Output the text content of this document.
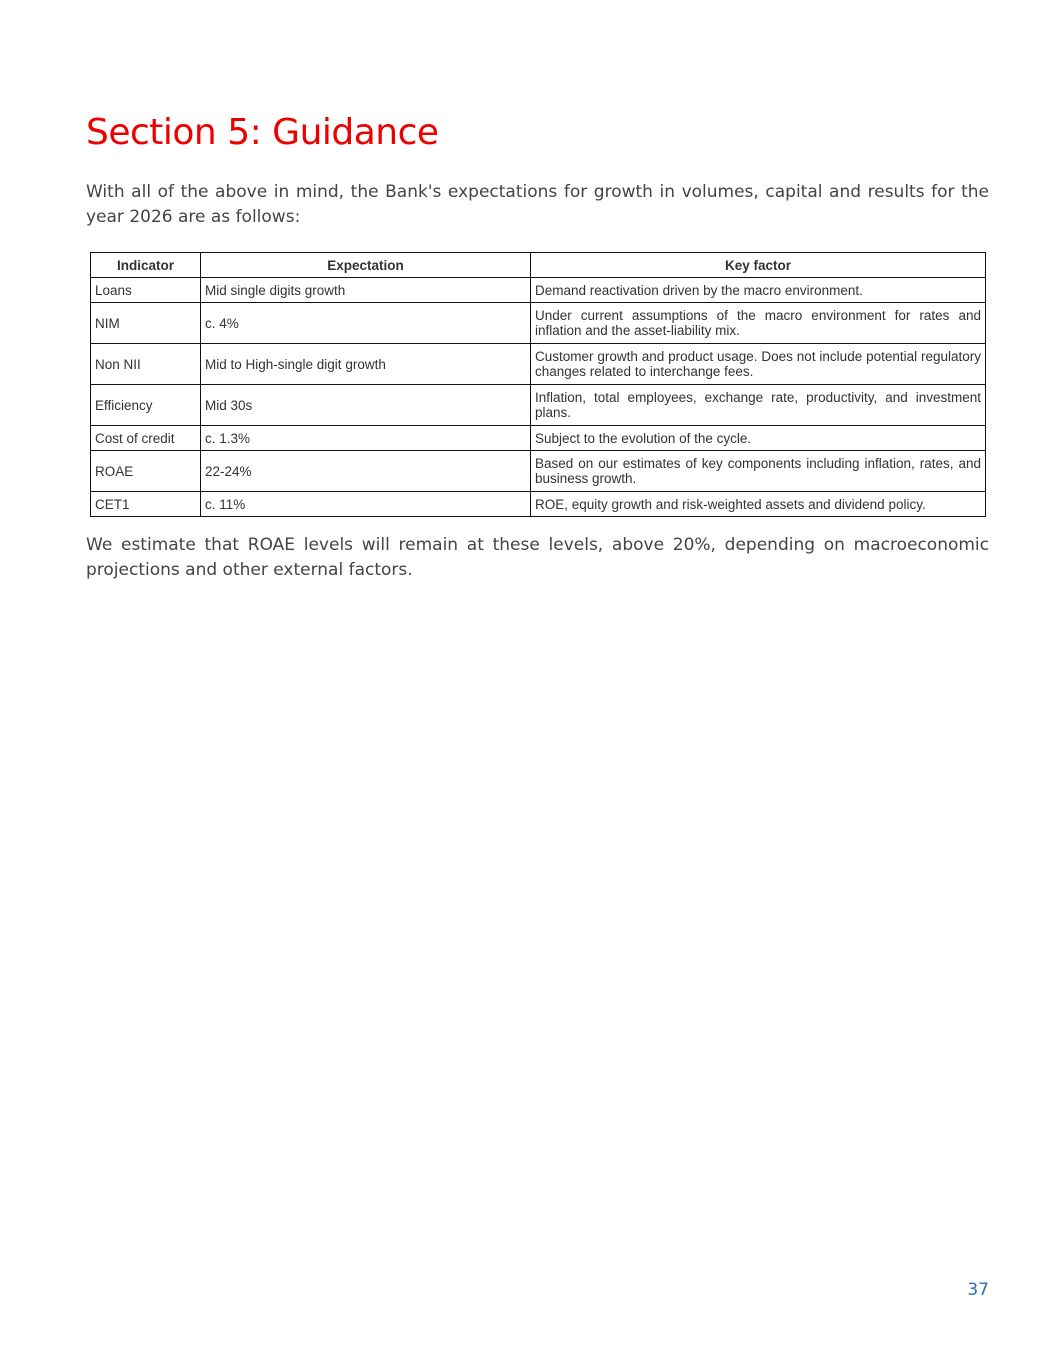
Section 5: Guidance

With all of the above in mind, the Bank's expectations for growth in volumes, capital and results for the year 2026 are as follows:

Indicator	Expectation	Key factor
Loans	Mid single digits growth	Demand reactivation driven by the macro environment.
NIM	c. 4%	Under current assumptions of the macro environment for rates and inflation and the asset-liability mix.
Non NII	Mid to High-single digit growth	Customer growth and product usage. Does not include potential regulatory changes related to interchange fees.
Efficiency	Mid 30s	Inflation, total employees, exchange rate, productivity, and investment plans.
Cost of credit	c. 1.3%	Subject to the evolution of the cycle.
ROAE	22-24%	Based on our estimates of key components including inflation, rates, and business growth.
CET1	c. 11%	ROE, equity growth and risk-weighted assets and dividend policy.

We estimate that ROAE levels will remain at these levels, above 20%, depending on macroeconomic projections and other external factors.

37
